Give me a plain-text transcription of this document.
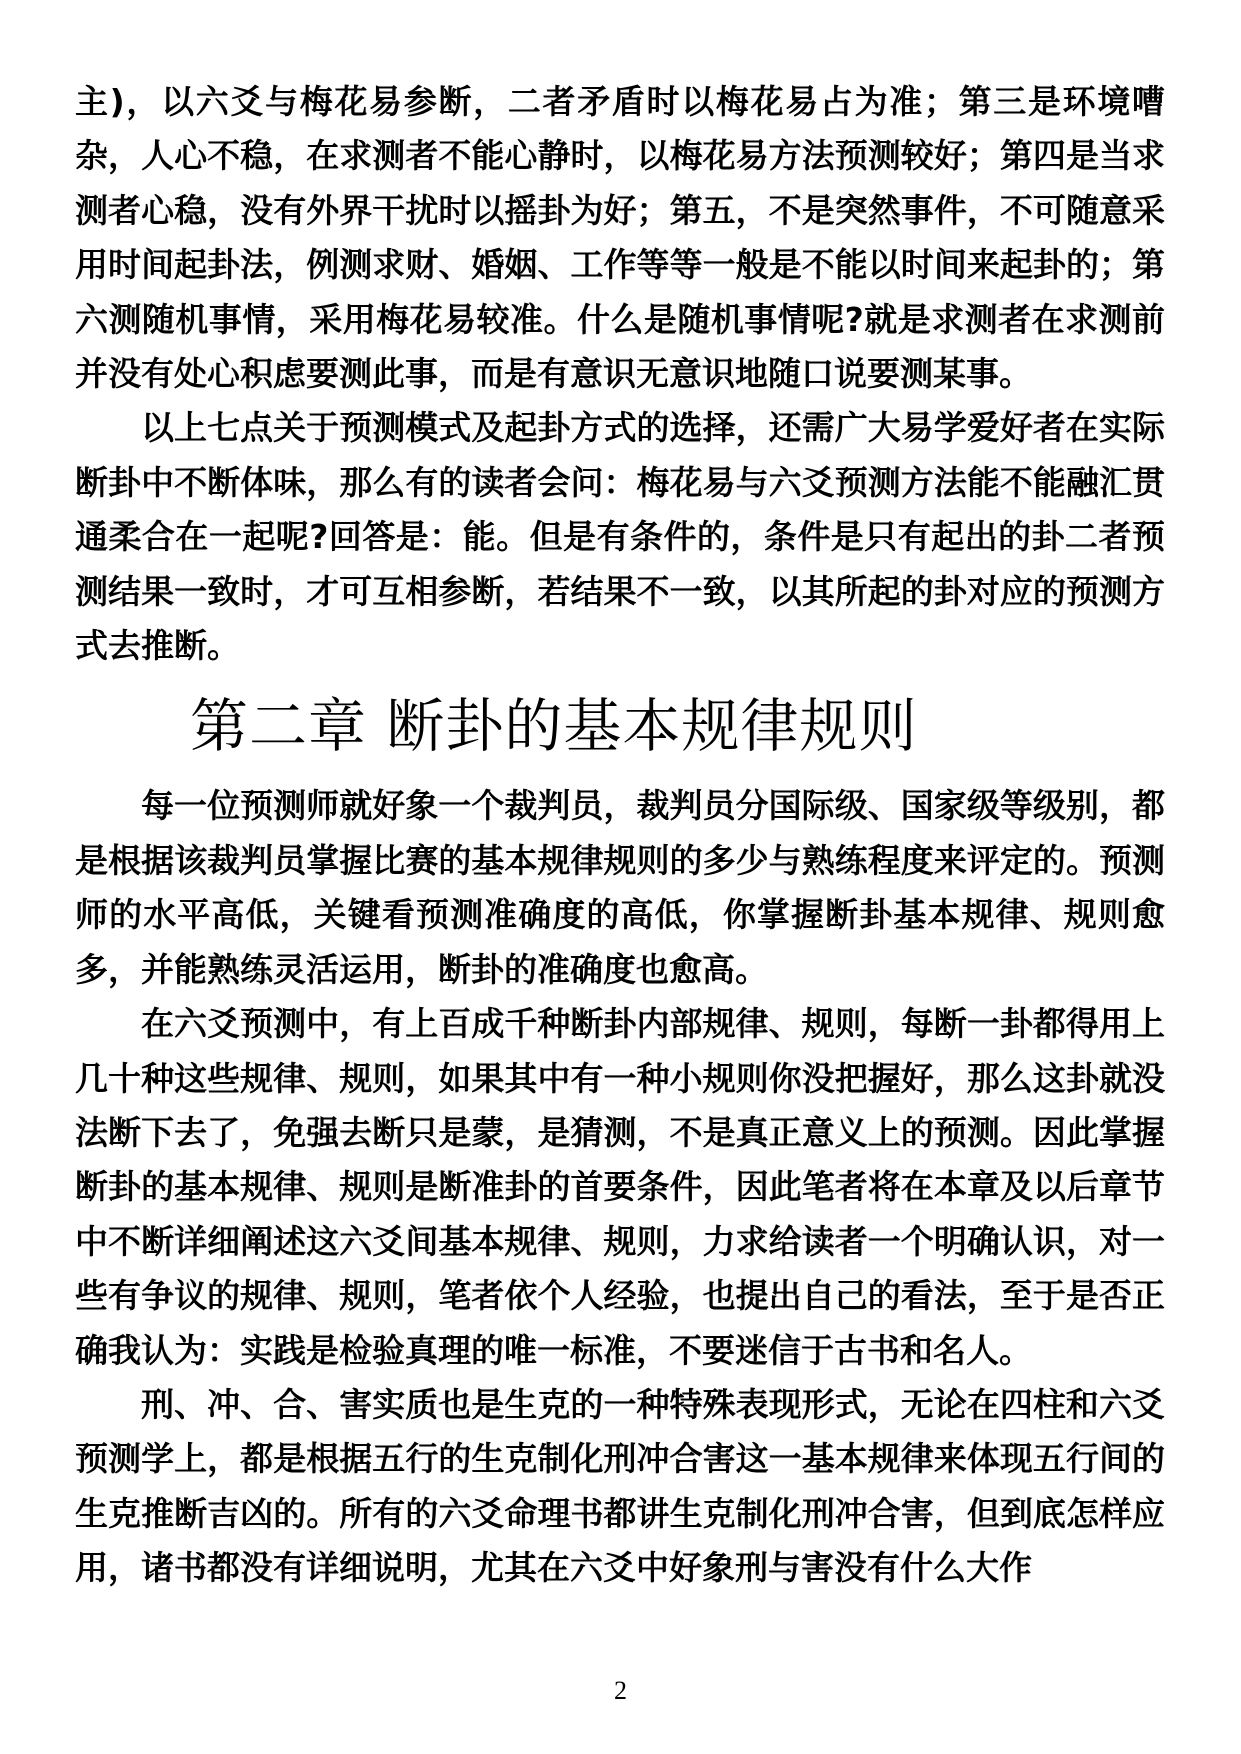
主)，以六爻与梅花易参断，二者矛盾时以梅花易占为准；第三是环境嘈杂，人心不稳，在求测者不能心静时，以梅花易方法预测较好；第四是当求测者心稳，没有外界干扰时以摇卦为好；第五，不是突然事件，不可随意采用时间起卦法，例测求财、婚姻、工作等等一般是不能以时间来起卦的；第六测随机事情，采用梅花易较准。什么是随机事情呢?就是求测者在求测前并没有处心积虑要测此事，而是有意识无意识地随口说要测某事。

以上七点关于预测模式及起卦方式的选择，还需广大易学爱好者在实际断卦中不断体味，那么有的读者会问：梅花易与六爻预测方法能不能融汇贯通柔合在一起呢?回答是：能。但是有条件的，条件是只有起出的卦二者预测结果一致时，才可互相参断，若结果不一致，以其所起的卦对应的预测方式去推断。

第二章 断卦的基本规律规则

每一位预测师就好象一个裁判员，裁判员分国际级、国家级等级别，都是根据该裁判员掌握比赛的基本规律规则的多少与熟练程度来评定的。预测师的水平高低，关键看预测准确度的高低，你掌握断卦基本规律、规则愈多，并能熟练灵活运用，断卦的准确度也愈高。

在六爻预测中，有上百成千种断卦内部规律、规则，每断一卦都得用上几十种这些规律、规则，如果其中有一种小规则你没把握好，那么这卦就没法断下去了，免强去断只是蒙，是猜测，不是真正意义上的预测。因此掌握断卦的基本规律、规则是断准卦的首要条件，因此笔者将在本章及以后章节中不断详细阐述这六爻间基本规律、规则，力求给读者一个明确认识，对一些有争议的规律、规则，笔者依个人经验，也提出自己的看法，至于是否正确我认为：实践是检验真理的唯一标准，不要迷信于古书和名人。

刑、冲、合、害实质也是生克的一种特殊表现形式，无论在四柱和六爻预测学上，都是根据五行的生克制化刑冲合害这一基本规律来体现五行间的生克推断吉凶的。所有的六爻命理书都讲生克制化刑冲合害，但到底怎样应用，诸书都没有详细说明，尤其在六爻中好象刑与害没有什么大作

2
